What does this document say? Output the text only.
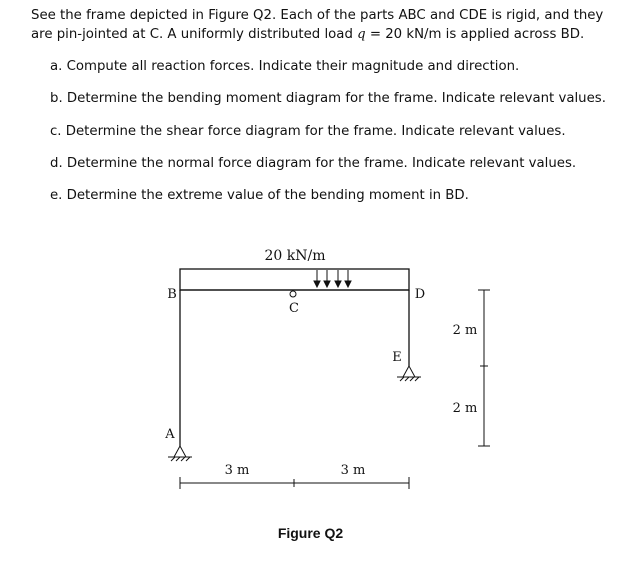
See the frame depicted in Figure Q2. Each of the parts ABC and CDE is rigid, and they
are pin-jointed at C. A uniformly distributed load q = 20 kN/m is applied across BD.
a. Compute all reaction forces. Indicate their magnitude and direction.
b. Determine the bending moment diagram for the frame. Indicate relevant values.
c. Determine the shear force diagram for the frame. Indicate relevant values.
d. Determine the normal force diagram for the frame. Indicate relevant values.
e. Determine the extreme value of the bending moment in BD.
20 kN/m
B
C
D
E
A
3 m	3 m
2 m
2 m
Figure Q2
